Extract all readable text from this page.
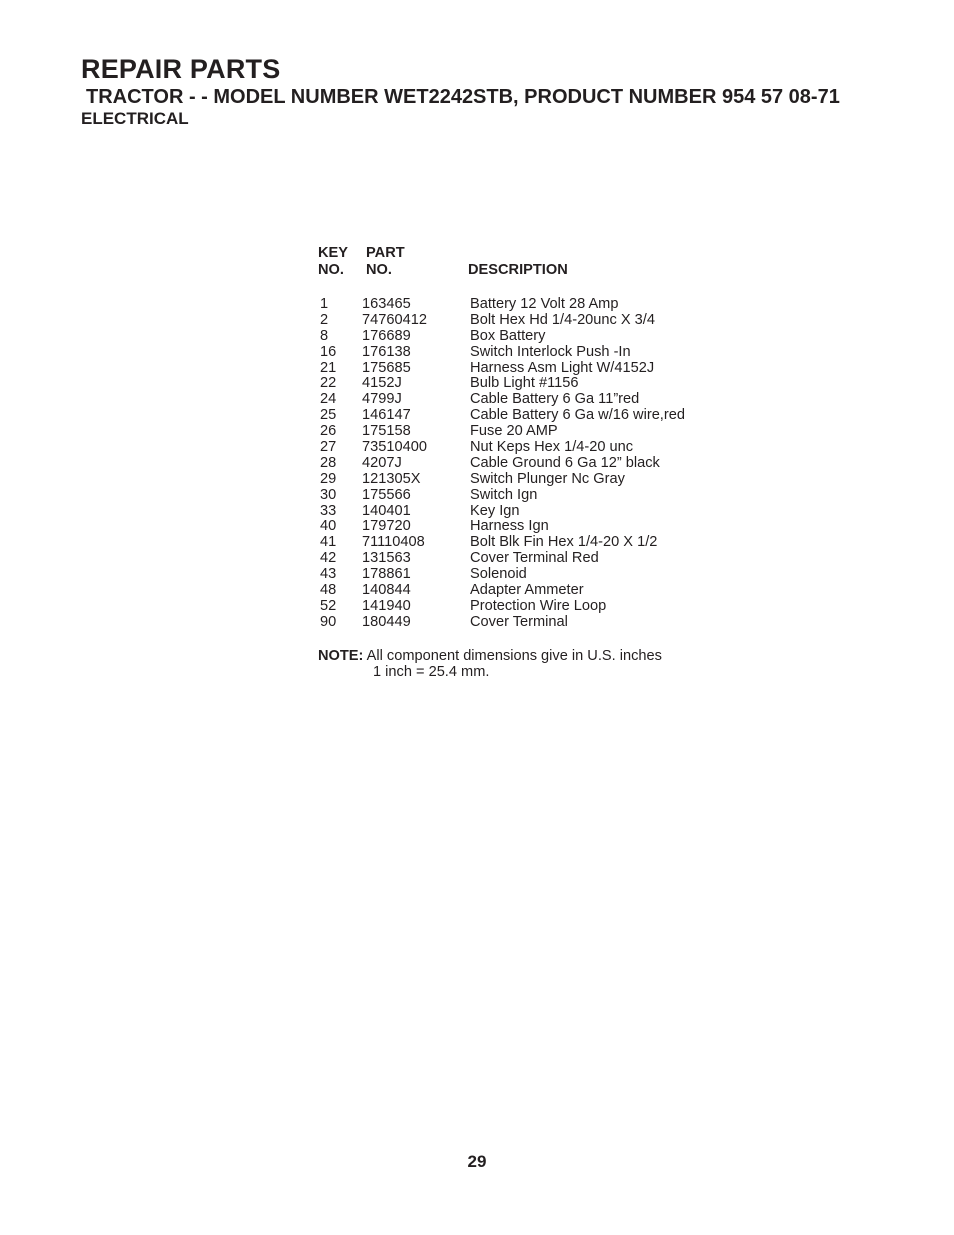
REPAIR PARTS
TRACTOR - - MODEL NUMBER WET2242STB, PRODUCT NUMBER 954 57 08-71
ELECTRICAL
KEY
NO.
PART
NO.	DESCRIPTION
1 163465	Battery 12 Volt 28 Amp
2 74760412	Bolt Hex Hd 1/4-20unc X 3/4
8 176689	Box Battery
16 176138	Switch Interlock Push -In
21 175685	Harness Asm Light W/4152J
22 4152J	Bulb Light #1156
24 4799J	Cable Battery 6 Ga 11”red
25 146147	Cable Battery 6 Ga w/16 wire,red
26 175158	Fuse 20 AMP
27 73510400	Nut Keps Hex 1/4-20 unc
28 4207J	Cable Ground 6 Ga 12” black
29 121305X	Switch Plunger Nc Gray
30 175566	Switch Ign
33 140401	Key Ign
40 179720	Harness Ign
41 71110408	Bolt Blk Fin Hex 1/4-20 X 1/2
42 131563	Cover Terminal Red
43 178861	Solenoid
48 140844	Adapter Ammeter
52 141940	Protection Wire Loop
90 180449	Cover Terminal
NOTE: All component dimensions give in U.S. inches
1 inch = 25.4 mm.
29
